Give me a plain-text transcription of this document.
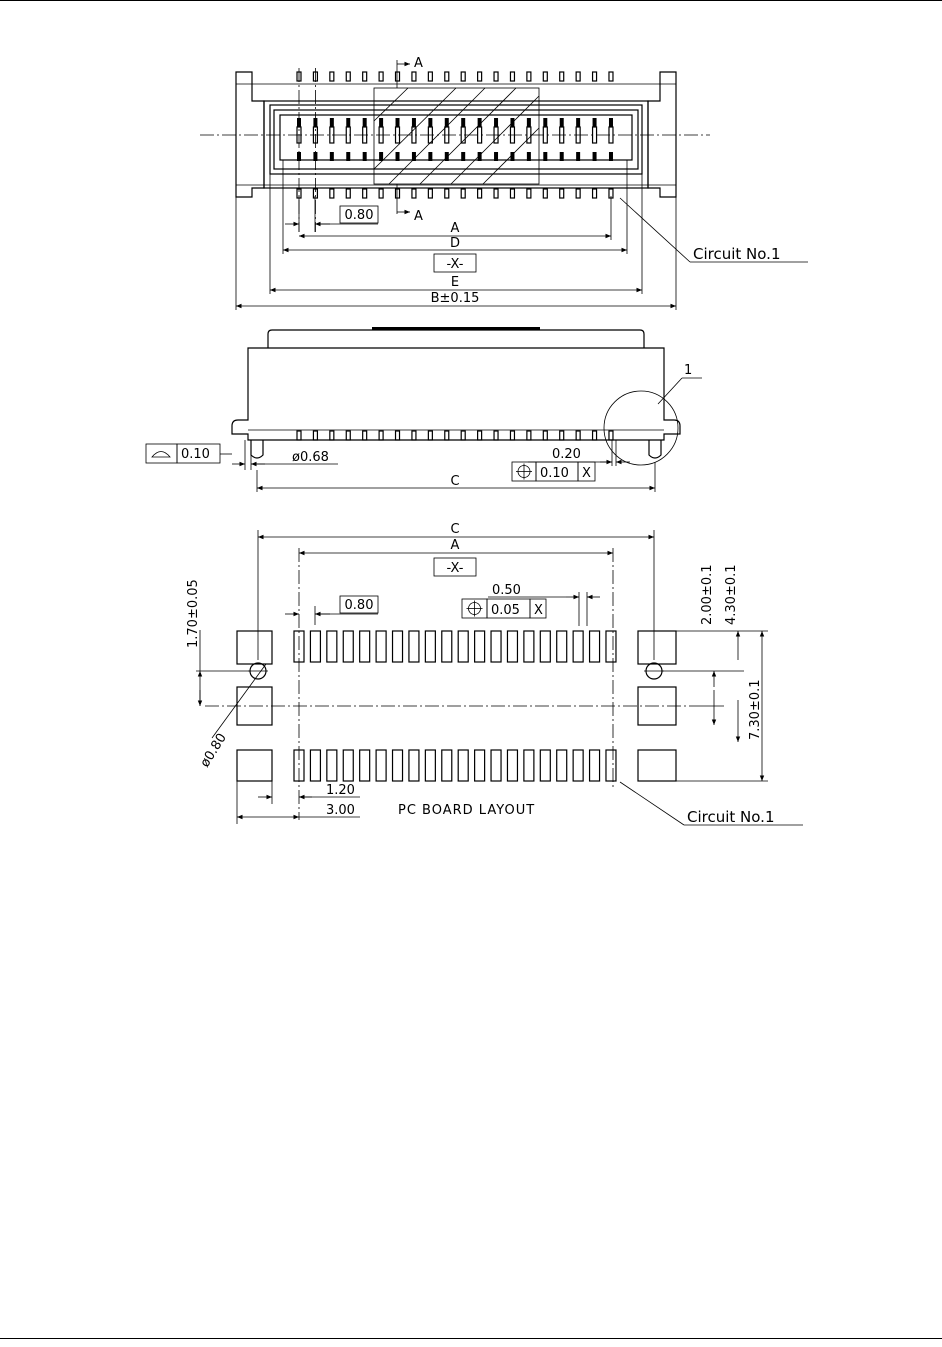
A
A
0.80
A
D
-X-
E
B±0.15
Circuit No.1
1
0.10	ø0.68	0.20
0.10 X
C
C
A
-X-
0.80
0.50
0.05 X
1.70±0.05
ø0.80
2.00±0.1 4.30±0.1
7.30±0.1
1.20
3.00	PC BOARD LAYOUT	Circuit No.1
